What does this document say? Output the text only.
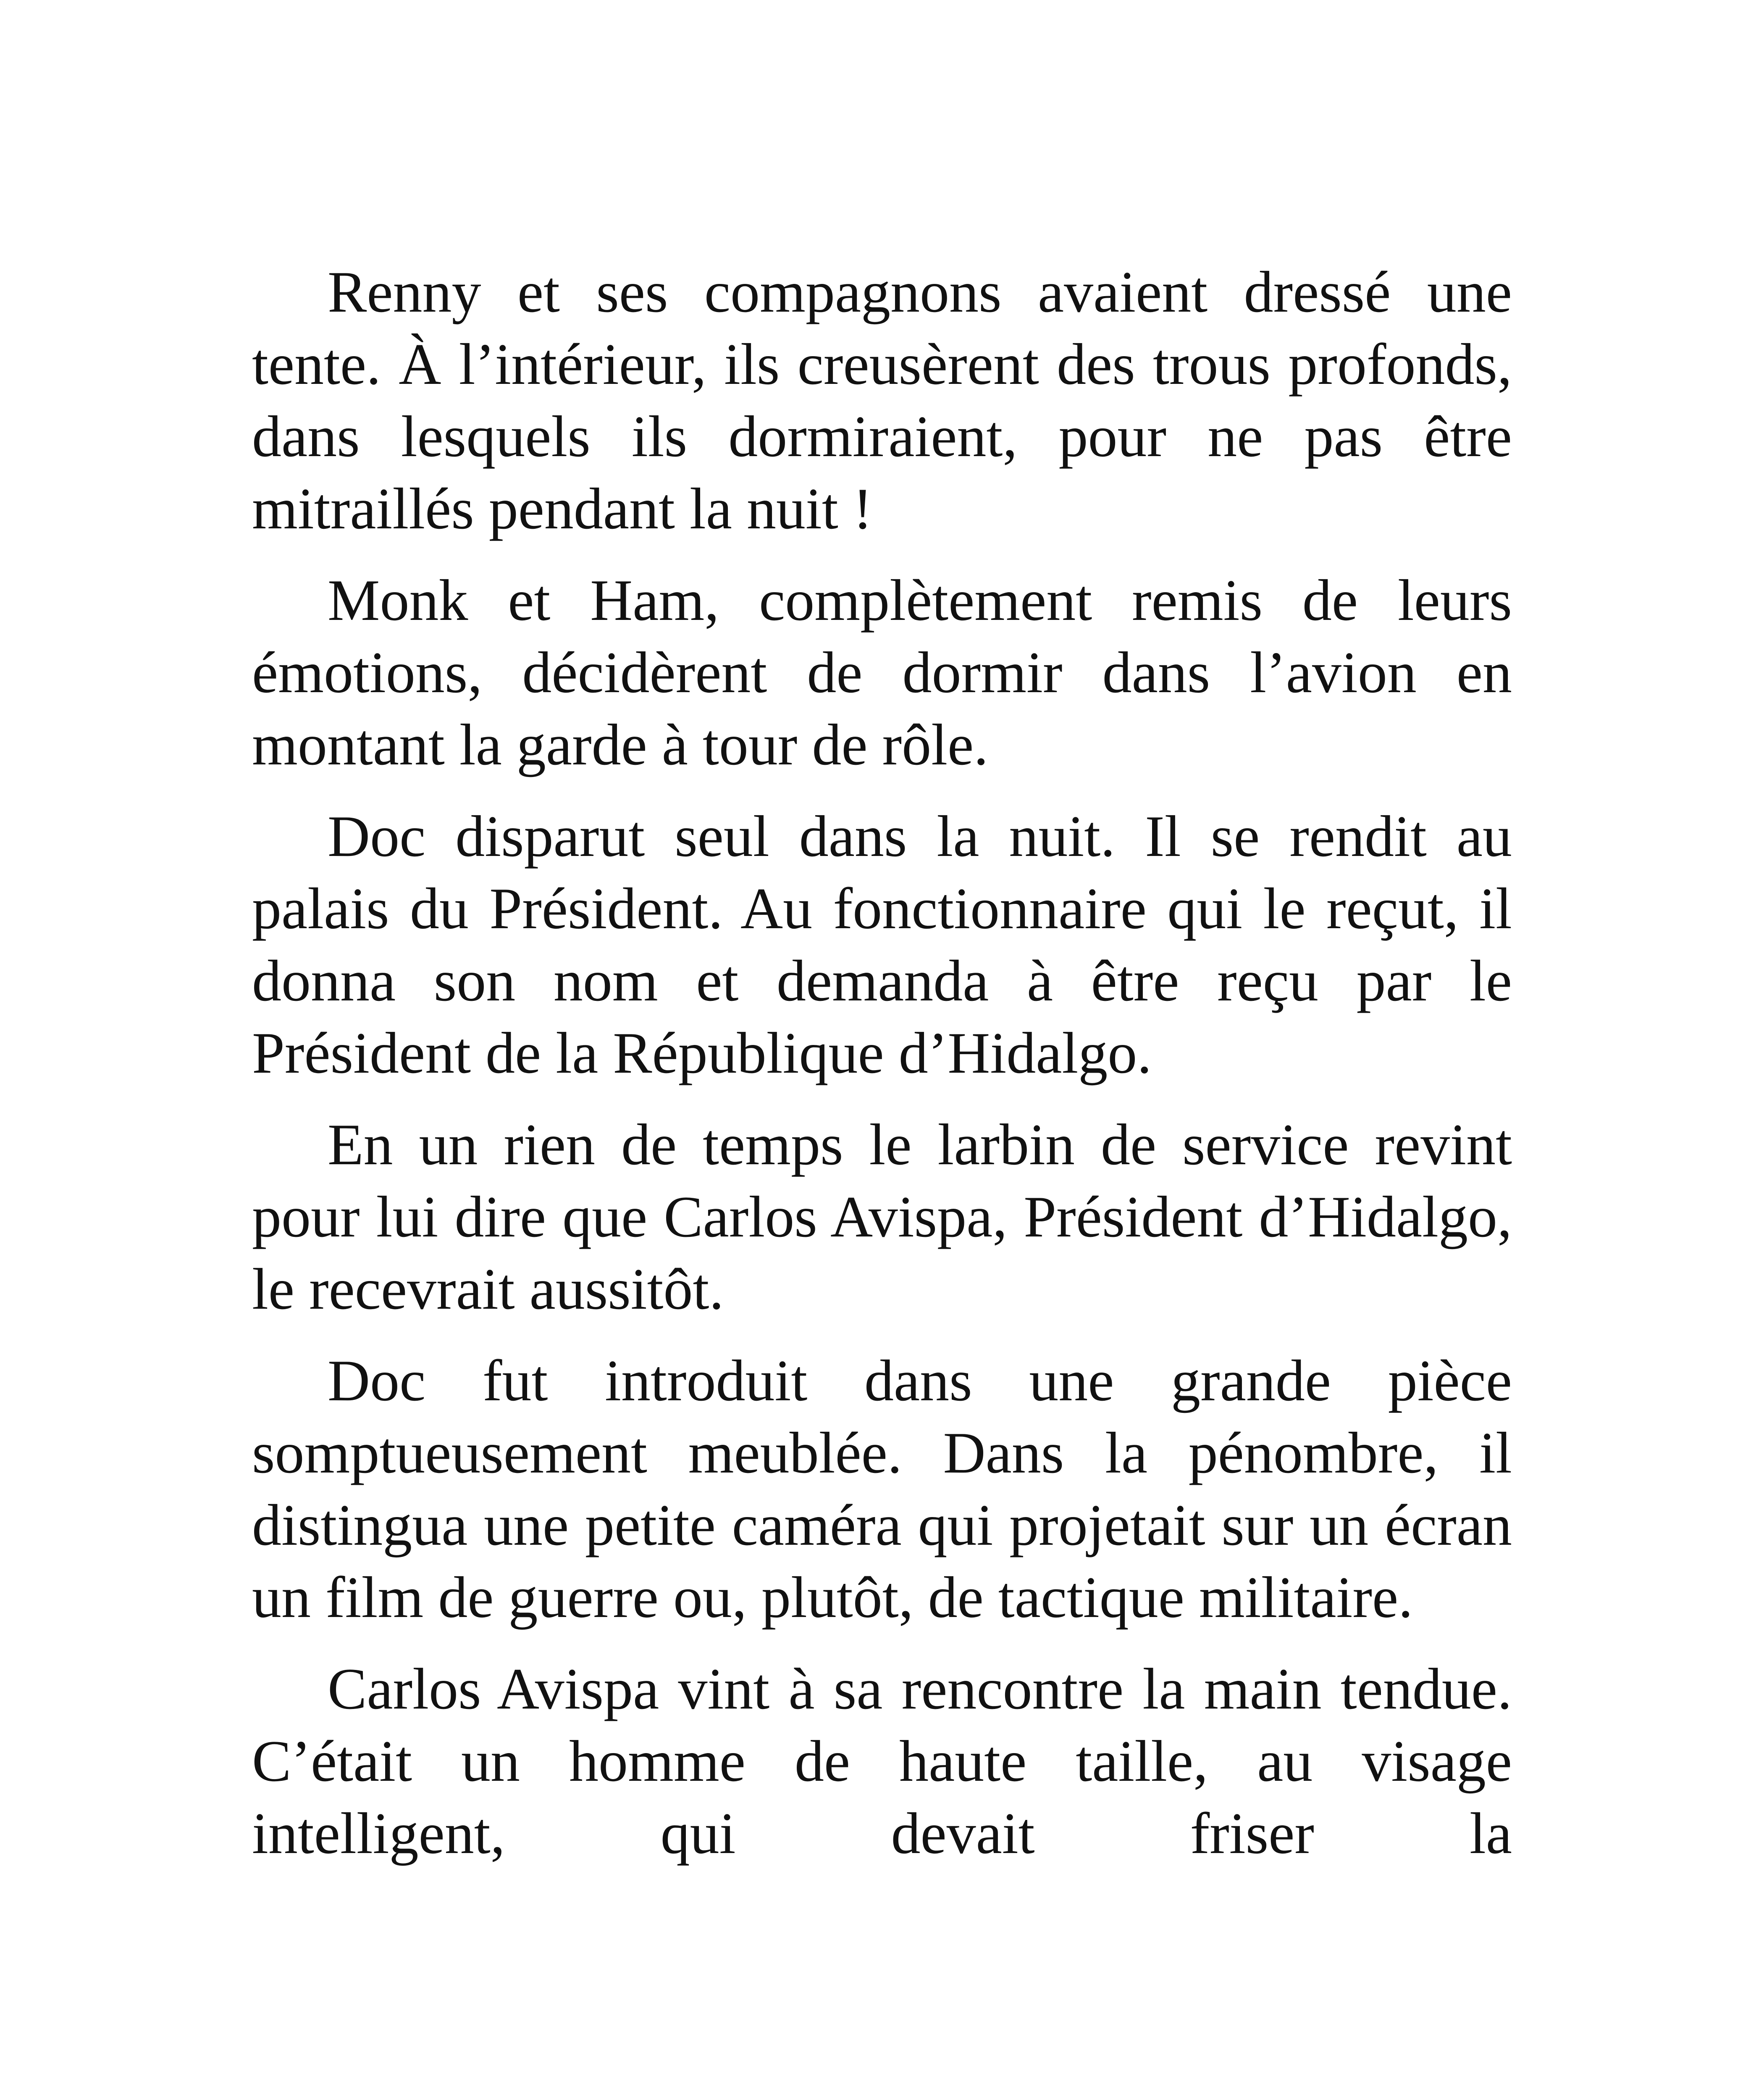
Renny et ses compagnons avaient dressé une tente. À l’intérieur, ils creusèrent des trous profonds, dans lesquels ils dormiraient, pour ne pas être mitraillés pendant la nuit !

Monk et Ham, complètement remis de leurs émotions, décidèrent de dormir dans l’avion en montant la garde à tour de rôle.

Doc disparut seul dans la nuit. Il se rendit au palais du Président. Au fonctionnaire qui le reçut, il donna son nom et demanda à être reçu par le Président de la République d’Hidalgo.

En un rien de temps le larbin de service revint pour lui dire que Carlos Avispa, Président d’Hidalgo, le recevrait aussitôt.

Doc fut introduit dans une grande pièce somptueusement meublée. Dans la pénombre, il distingua une petite caméra qui projetait sur un écran un film de guerre ou, plutôt, de tactique militaire.

Carlos Avispa vint à sa rencontre la main tendue. C’était un homme de haute taille, au visage intelligent, qui devait friser la
